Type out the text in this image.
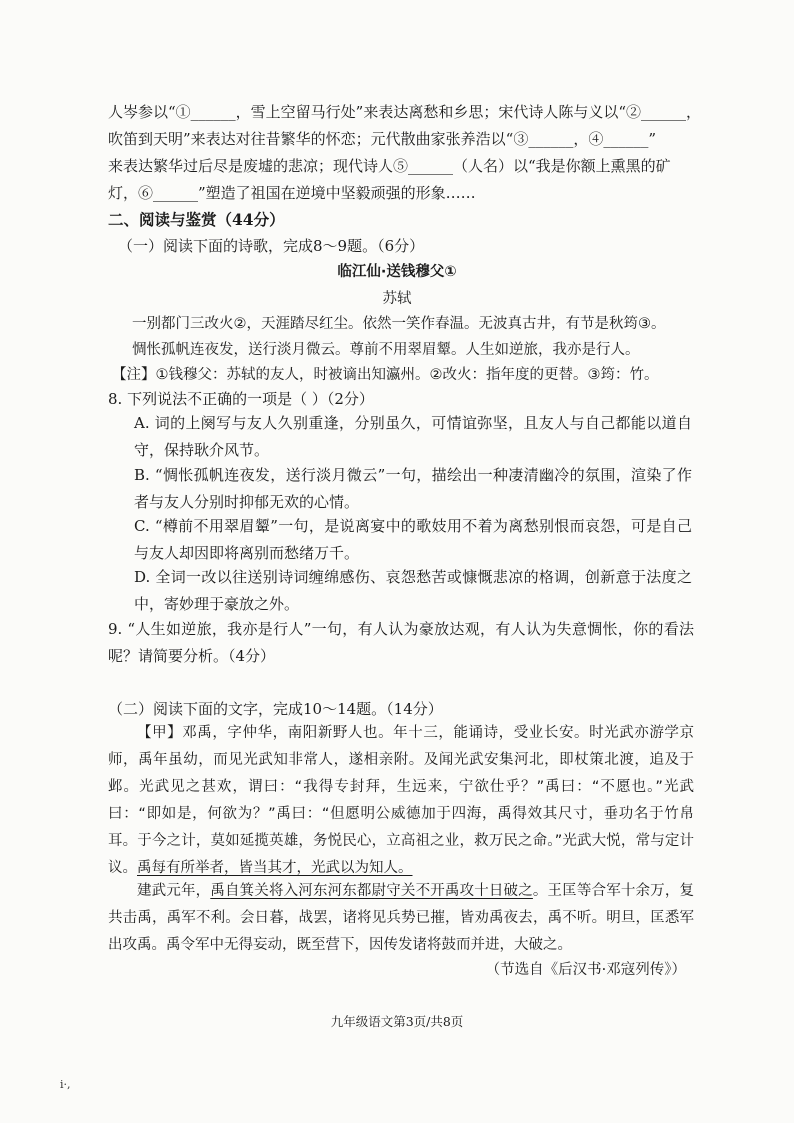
人岑参以“①______，雪上空留马行处”来表达离愁和乡思；宋代诗人陈与义以“②______，
吹笛到天明”来表达对往昔繁华的怀恋；元代散曲家张养浩以“③______，④______”
来表达繁华过后尽是废墟的悲凉；现代诗人⑤______（人名）以“我是你额上熏黑的矿
灯，⑥______”塑造了祖国在逆境中坚毅顽强的形象……
二、阅读与鉴赏（44分）
（一）阅读下面的诗歌，完成8～9题。（6分）
临江仙·送钱穆父①
苏轼
一别都门三改火②，天涯踏尽红尘。依然一笑作春温。无波真古井，有节是秋筠③。
惆怅孤帆连夜发，送行淡月微云。尊前不用翠眉颦。人生如逆旅，我亦是行人。
【注】①钱穆父：苏轼的友人，时被谪出知瀛州。②改火：指年度的更替。③筠：竹。
8. 下列说法不正确的一项是（ ）（2分）
A. 词的上阕写与友人久别重逢，分别虽久，可情谊弥坚，且友人与自己都能以道自守，保持耿介风节。
B. “惆怅孤帆连夜发，送行淡月微云”一句，描绘出一种凄清幽冷的氛围，渲染了作者与友人分别时抑郁无欢的心情。
C. “樽前不用翠眉颦”一句，是说离宴中的歌妓用不着为离愁别恨而哀怨，可是自己与友人却因即将离别而愁绪万千。
D. 全词一改以往送别诗词缠绵感伤、哀怨愁苦或慷慨悲凉的格调，创新意于法度之中，寄妙理于豪放之外。
9. “人生如逆旅，我亦是行人”一句，有人认为豪放达观，有人认为失意惆怅，你的看法呢？请简要分析。（4分）
（二）阅读下面的文字，完成10～14题。（14分）
【甲】邓禹，字仲华，南阳新野人也。年十三，能诵诗，受业长安。时光武亦游学京师，禹年虽幼，而见光武知非常人，遂相亲附。及闻光武安集河北，即杖策北渡，追及于邺。光武见之甚欢，谓曰：“我得专封拜，生远来，宁欲仕乎？”禹曰：“不愿也。”光武曰：“即如是，何欲为？”禹曰：“但愿明公威德加于四海，禹得效其尺寸，垂功名于竹帛耳。于今之计，莫如延揽英雄，务悦民心，立高祖之业，救万民之命。”光武大悦，常与定计议。禹每有所举者，皆当其才，光武以为知人。
建武元年，禹自箕关将入河东河东都尉守关不开禹攻十日破之。王匡等合军十余万，复共击禹，禹军不利。会日暮，战罢，诸将见兵势已摧，皆劝禹夜去，禹不听。明旦，匡悉军出攻禹。禹令军中无得妄动，既至营下，因传发诸将鼓而并进，大破之。
（节选自《后汉书·邓寇列传》）
九年级语文第3页/共8页
i·,
